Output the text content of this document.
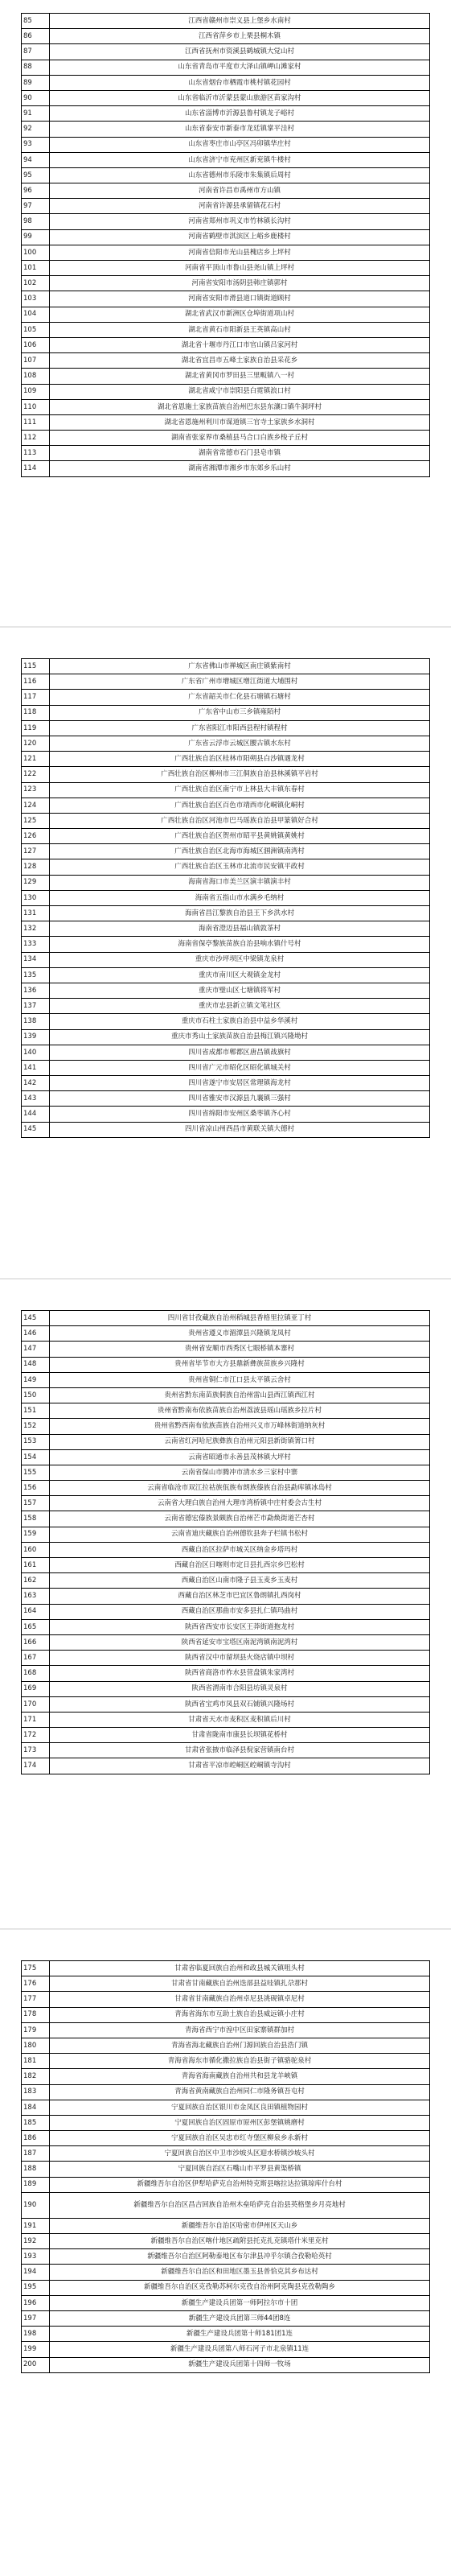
85	江西省赣州市崇义县上堡乡水南村
86	江西省萍乡市上栗县桐木镇
87	江西省抚州市资溪县鹤城镇大觉山村
88	山东省青岛市平度市大泽山镇岬山滩家村
89	山东省烟台市栖霞市桃村镇花园村
90	山东省临沂市沂蒙县蒙山旅游区苗家沟村
91	山东省淄博市沂源县鲁村镇龙子峪村
92	山东省泰安市新泰市龙廷镇掌平洼村
93	山东省枣庄市山亭区冯卯镇华庄村
94	山东省济宁市兖州区新兖镇牛楼村
95	山东省德州市乐陵市朱集镇后周村
96	河南省许昌市禹州市方山镇
97	河南省许源县承留镇花石村
98	河南省郑州市巩义市竹林镇长沟村
99	河南省鹤壁市淇滨区上峪乡鹿楼村
100	河南省信阳市光山县槐店乡上坪村
101	河南省平顶山市鲁山县尧山镇上坪村
102	河南省安阳市汤阴县韩庄镇郭村
103	河南省安阳市滑县道口镇街道顾村
104	湖北省武汉市新洲区仓埠街道项山村
105	湖北省黄石市阳新县王英镇高山村
106	湖北省十堰市丹江口市官山镇吕家河村
107	湖北省宜昌市五峰土家族自治县采花乡
108	湖北省黄冈市罗田县三里畈镇八一村
109	湖北省咸宁市崇阳县白霓镇浪口村
110	湖北省恩施土家族苗族自治州巴东县东瀼口镇牛洞坪村
111	湖北省恩施州利川市谋道镇三官寺土家族乡水洞村
112	湖南省张家界市桑植县马合口白族乡梭子丘村
113	湖南省常德市石门县皂市镇
114	湖南省湘潭市湘乡市东郊乡乐山村
115	广东省佛山市禅城区南庄镇紫南村
116	广东省广州市增城区增江街道大埔围村
117	广东省韶关市仁化县石塘镇石塘村
118	广东省中山市三乡镇雍陌村
119	广东省阳江市阳西县程村镇程村
120	广东省云浮市云城区腰古镇水东村
121	广西壮族自治区桂林市阳朔县白沙镇遇龙村
122	广西壮族自治区柳州市三江侗族自治县林溪镇平岩村
123	广西壮族自治区南宁市上林县大丰镇东春村
124	广西壮族自治区百色市靖西市化峒镇化峒村
125	广西壮族自治区河池市巴马瑶族自治县甲篆镇好合村
126	广西壮族自治区贺州市昭平县黄姚镇黄姚村
127	广西壮族自治区北海市海城区涠洲镇南湾村
128	广西壮族自治区玉林市北流市民安镇平政村
129	海南省海口市美兰区演丰镇演丰村
130	海南省五指山市水满乡毛纳村
131	海南省昌江黎族自治县王下乡洪水村
132	海南省澄迈县福山镇敦茶村
133	海南省保亭黎族苗族自治县响水镇什号村
134	重庆市沙坪坝区中梁镇龙泉村
135	重庆市南川区大观镇金龙村
136	重庆市璧山区七塘镇将军村
137	重庆市忠县新立镇文笔社区
138	重庆市石柱土家族自治县中益乡华溪村
139	重庆市秀山土家族苗族自治县梅江镇兴隆坳村
140	四川省成都市郫都区唐昌镇战旗村
141	四川省广元市昭化区昭化镇城关村
142	四川省遂宁市安居区常理镇海龙村
143	四川省雅安市汉源县九襄镇三强村
144	四川省绵阳市安州区桑枣镇齐心村
145	四川省凉山州西昌市黄联关镇大德村
145	四川省甘孜藏族自治州稻城县香格里拉镇亚丁村
146	贵州省遵义市湄潭县兴隆镇龙凤村
147	贵州省安顺市西秀区七眼桥镇本寨村
148	贵州省毕节市大方县鼎新彝族苗族乡兴隆村
149	贵州省铜仁市江口县太平镇云舍村
150	贵州省黔东南苗族侗族自治州雷山县西江镇西江村
151	贵州省黔南布依族苗族自治州荔波县瑶山瑶族乡拉片村
152	贵州省黔西南布依族苗族自治州兴义市万峰林街道纳灰村
153	云南省红河哈尼族彝族自治州元阳县新街镇箐口村
154	云南省昭通市永善县茂林镇大坪村
155	云南省保山市腾冲市清水乡三家村中寨
156	云南省临沧市双江拉祜族佤族布朗族傣族自治县勐库镇冰岛村
157	云南省大理白族自治州大理市湾桥镇中庄村委会古生村
158	云南省德宏傣族景颇族自治州芒市勐焕街道芒杏村
159	云南省迪庆藏族自治州德钦县奔子栏镇书松村
160	西藏自治区拉萨市城关区纳金乡塔玛村
161	西藏自治区日喀则市定日县扎西宗乡巴松村
162	西藏自治区山南市隆子县玉麦乡玉麦村
163	西藏自治区林芝市巴宜区鲁朗镇扎西岗村
164	西藏自治区那曲市安多县扎仁镇玛曲村
165	陕西省西安市长安区王莽街道抱龙村
166	陕西省延安市宝塔区南泥湾镇南泥湾村
167	陕西省汉中市留坝县火烧店镇中坝村
168	陕西省商洛市柞水县营盘镇朱家湾村
169	陕西省渭南市合阳县坊镇灵泉村
170	陕西省宝鸡市凤县双石铺镇兴隆场村
171	甘肃省天水市麦积区麦积镇后川村
172	甘肃省陇南市康县长坝镇花桥村
173	甘肃省张掖市临泽县倪家营镇南台村
174	甘肃省平凉市崆峒区崆峒镇寺沟村
175	甘肃省临夏回族自治州和政县城关镇咀头村
176	甘肃省甘南藏族自治州迭部县益哇镇扎尕那村
177	甘肃省甘南藏族自治州卓尼县洮砚镇卓尼村
178	青海省海东市互助土族自治县威远镇小庄村
179	青海省西宁市湟中区田家寨镇群加村
180	青海省海北藏族自治州门源回族自治县浩门镇
181	青海省海东市循化撒拉族自治县街子镇骆驼泉村
182	青海省海南藏族自治州共和县龙羊峡镇
183	青海省黄南藏族自治州同仁市隆务镇吾屯村
184	宁夏回族自治区银川市金凤区良田镇植物园村
185	宁夏回族自治区固原市原州区彭堡镇姚磨村
186	宁夏回族自治区吴忠市红寺堡区柳泉乡永新村
187	宁夏回族自治区中卫市沙坡头区迎水桥镇沙坡头村
188	宁夏回族自治区石嘴山市平罗县黄渠桥镇
189	新疆维吾尔自治区伊犁哈萨克自治州特克斯县喀拉达拉镇琼库什台村
190	新疆维吾尔自治区昌吉回族自治州木垒哈萨克自治县英格堡乡月亮地村
191	新疆维吾尔自治区哈密市伊州区天山乡
192	新疆维吾尔自治区喀什地区疏附县托克扎克镇塔什米里克村
193	新疆维吾尔自治区阿勒泰地区布尔津县冲乎尔镇合孜勒哈英村
194	新疆维吾尔自治区和田地区墨玉县普恰克其乡布达村
195	新疆维吾尔自治区克孜勒苏柯尔克孜自治州阿克陶县克孜勒陶乡
196	新疆生产建设兵团第一师阿拉尔市十团
197	新疆生产建设兵团第三师44团8连
198	新疆生产建设兵团第十师181团1连
199	新疆生产建设兵团第八师石河子市北泉镇11连
200	新疆生产建设兵团第十四师一牧场
